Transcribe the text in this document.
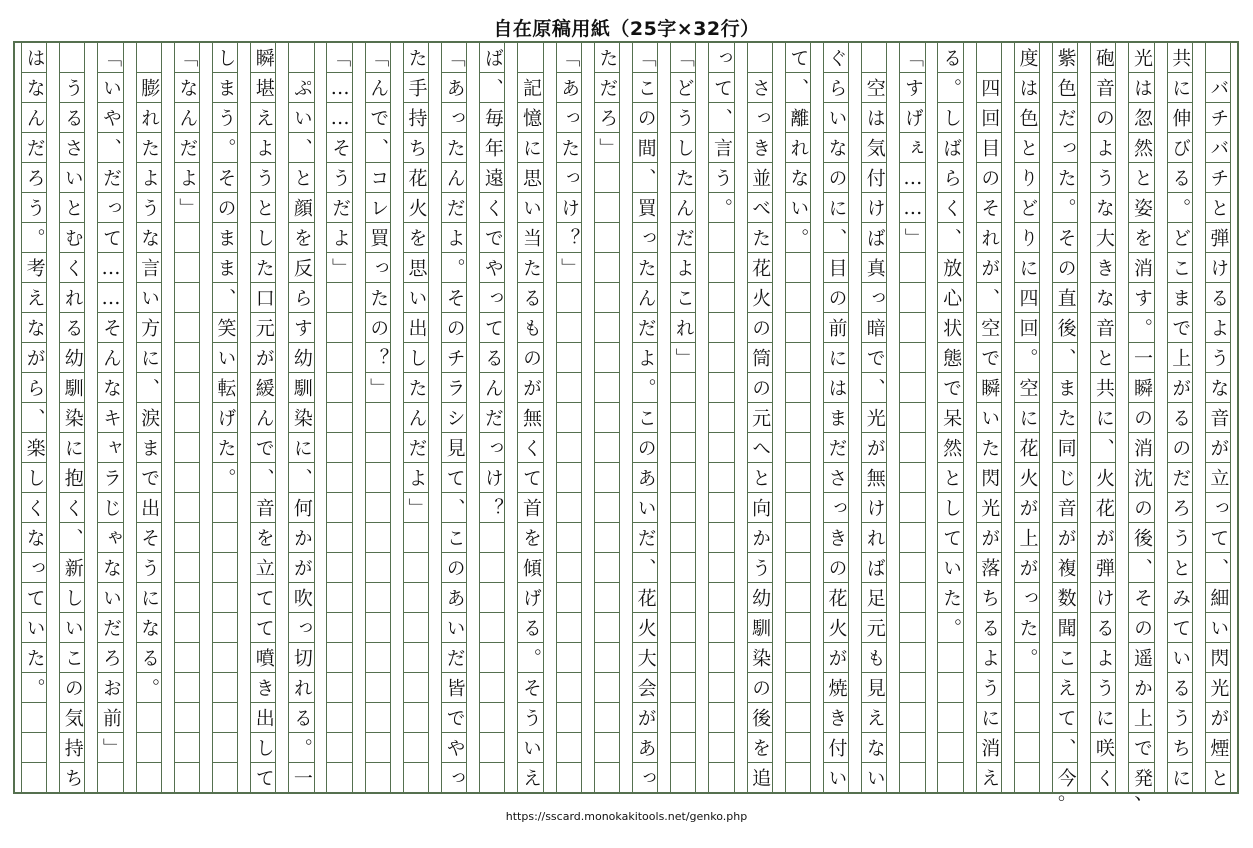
自在原稿用紙（25字×32行）
バ
チ
バ
チ
と
弾
け
る
よ
う
な
音
が
立
っ
て
、
細
い
閃
光
が
煙
と
共
に
伸
び
る
。
ど
こ
ま
で
上
が
る
の
だ
ろ
う
と
み
て
い
る
う
ち
に
光
は
忽
然
と
姿
を
消
す
。
一
瞬
の
消
沈
の
後
、
そ
の
遥
か
上
で
発
砲
音
の
よ
う
な
大
き
な
音
と
共
に
、
火
花
が
弾
け
る
よ
う
に
咲
く
紫
色
だ
っ
た
。
そ
の
直
後
、
ま
た
同
じ
音
が
複
数
聞
こ
え
て
、
今
度
は
色
と
り
ど
り
に
四
回
。
空
に
花
火
が
上
が
っ
た
。
四
回
目
の
そ
れ
が
、
空
で
瞬
い
た
閃
光
が
落
ち
る
よ
う
に
消
え
る
。
し
ば
ら
く
、
放
心
状
態
で
呆
然
と
し
て
い
た
。
「
す
げ
ぇ
…
…
」
空
は
気
付
け
ば
真
っ
暗
で
、
光
が
無
け
れ
ば
足
元
も
見
え
な
い
ぐ
ら
い
な
の
に
、
目
の
前
に
は
ま
だ
さ
っ
き
の
花
火
が
焼
き
付
い
て
、
離
れ
な
い
。
さ
っ
き
並
べ
た
花
火
の
筒
の
元
へ
と
向
か
う
幼
馴
染
の
後
を
追
っ
て
、
言
う
。
「
ど
う
し
た
ん
だ
よ
こ
れ
」
「
こ
の
間
、
買
っ
た
ん
だ
よ
。
こ
の
あ
い
だ
、
花
火
大
会
が
あ
っ
た
だ
ろ
」
「
あ
っ
た
っ
け
？
」
記
憶
に
思
い
当
た
る
も
の
が
無
く
て
首
を
傾
げ
る
。
そ
う
い
え
ば
、
毎
年
遠
く
で
や
っ
て
る
ん
だ
っ
け
？
「
あ
っ
た
ん
だ
よ
。
そ
の
チ
ラ
シ
見
て
、
こ
の
あ
い
だ
皆
で
や
っ
た
手
持
ち
花
火
を
思
い
出
し
た
ん
だ
よ
」
「
ん
で
、
コ
レ
買
っ
た
の
？
」
「
…
…
そ
う
だ
よ
」
ぷ
い
、
と
顔
を
反
ら
す
幼
馴
染
に
、
何
か
が
吹
っ
切
れ
る
。
一
瞬
堪
え
よ
う
と
し
た
口
元
が
緩
ん
で
、
音
を
立
て
て
噴
き
出
し
て
し
ま
う
。
そ
の
ま
ま
、
笑
い
転
げ
た
。
「
な
ん
だ
よ
」
膨
れ
た
よ
う
な
言
い
方
に
、
涙
ま
で
出
そ
う
に
な
る
。
「
い
や
、
だ
っ
て
…
…
そ
ん
な
キ
ャ
ラ
じ
ゃ
な
い
だ
ろ
お
前
」
う
る
さ
い
と
む
く
れ
る
幼
馴
染
に
抱
く
、
新
し
い
こ
の
気
持
ち
は
な
ん
だ
ろ
う
。
考
え
な
が
ら
、
楽
し
く
な
っ
て
い
た
。
https://sscard.monokakitools.net/genko.php
、
。
